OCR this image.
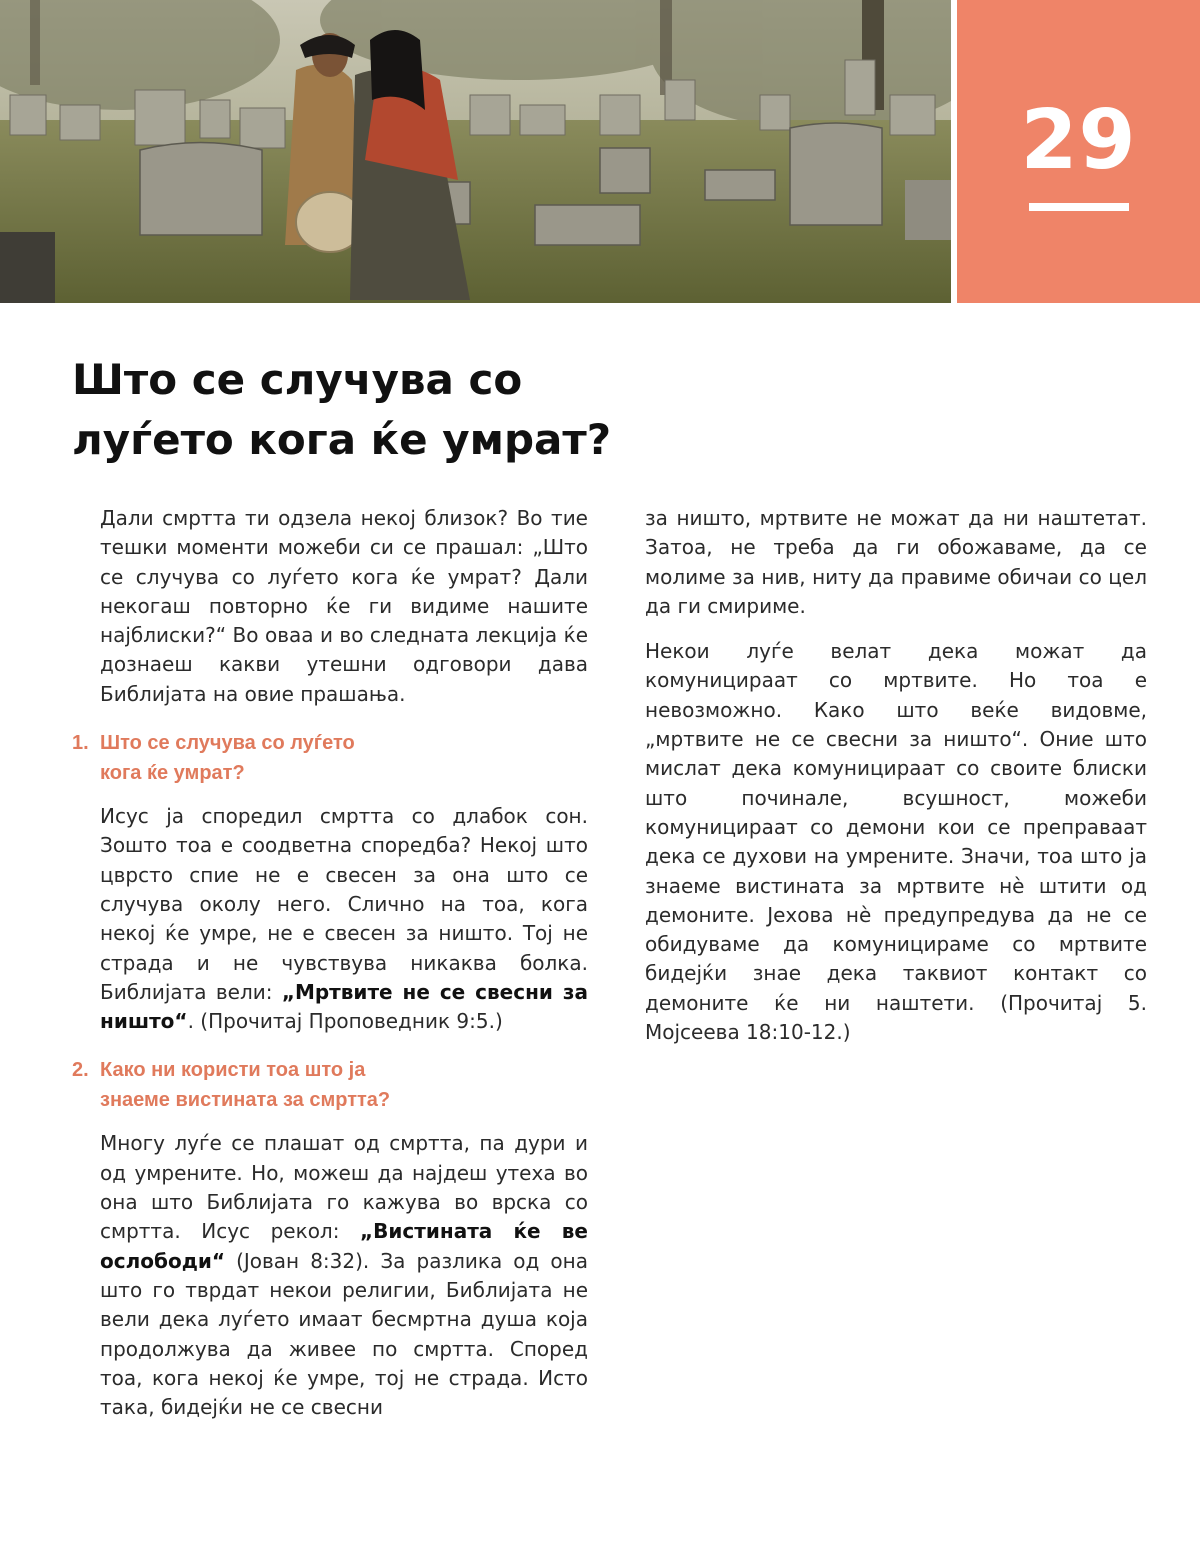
29
Што се случува со
луѓето кога ќе умрат?

Дали смртта ти одзела некој близок? Во тие тешки моменти можеби си се прашал: „Што се случува со луѓето кога ќе умрат? Дали некогаш повторно ќе ги видиме нашите најблиски?“ Во оваа и во следната лекција ќе дознаеш какви утешни одговори дава Библијата на овие прашања.

1. Што се случува со луѓето
кога ќе умрат?

Исус ја споредил смртта со длабок сон. Зошто тоа е соодветна споредба? Некој што цврсто спие не е свесен за она што се случува околу него. Слично на тоа, кога некој ќе умре, не е свесен за ништо. Тој не страда и не чувствува никаква болка. Библијата вели: „Мртвите не се свесни за ништо“. (Прочитај Проповедник 9:5.)

2. Како ни користи тоа што ја
знаеме вистината за смртта?

Многу луѓе се плашат од смртта, па дури и од умрените. Но, можеш да најдеш утеха во она што Библијата го кажува во врска со смртта. Исус рекол: „Вистината ќе ве ослободи“ (Јован 8:32). За разлика од она што го тврдат некои религии, Библијата не вели дека луѓето имаат бесмртна душа која продолжува да живее по смртта. Според тоа, кога некој ќе умре, тој не страда. Исто така, бидејќи не се свесни

за ништо, мртвите не можат да ни наштетат. Затоа, не треба да ги обожаваме, да се молиме за нив, ниту да правиме обичаи со цел да ги смириме.

Некои луѓе велат дека можат да комуницираат со мртвите. Но тоа е невозможно. Како што веќе видовме, „мртвите не се свесни за ништо“. Оние што мислат дека комуницираат со своите блиски што починале, всушност, можеби комуницираат со демони кои се преправаат дека се духови на умрените. Значи, тоа што ја знаеме вистината за мртвите нè штити од демоните. Јехова нè предупредува да не се обидуваме да комуницираме со мртвите бидејќи знае дека таквиот контакт со демоните ќе ни наштети. (Прочитај 5. Мојсеева 18:10-12.)
